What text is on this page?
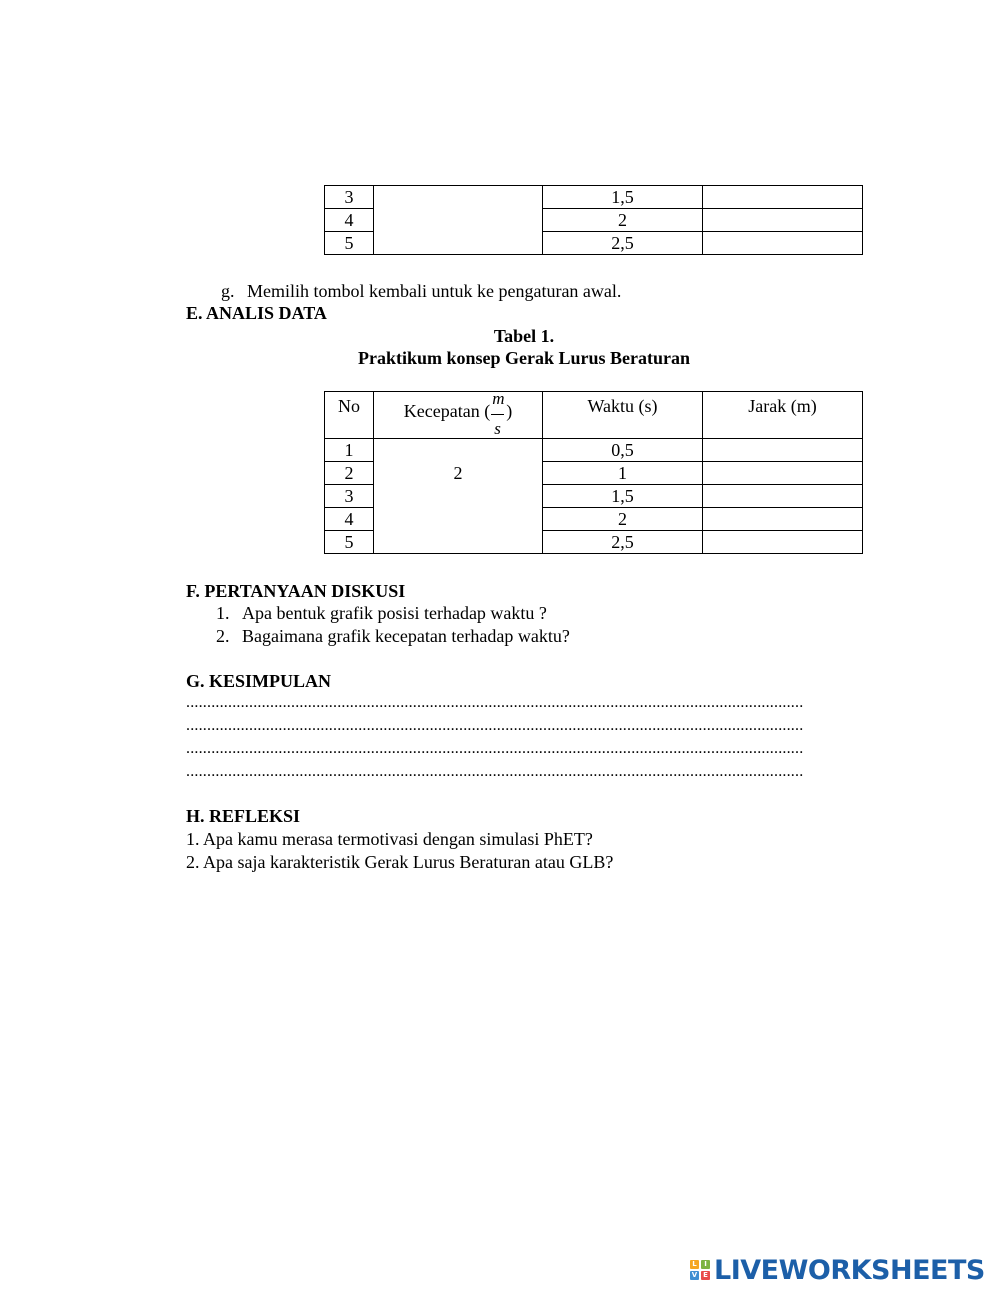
3		1,5	
4		2	
5		2,5	
g. Memilih tombol kembali untuk ke pengaturan awal.
E. ANALIS DATA
Tabel 1.
Praktikum konsep Gerak Lurus Beraturan
No	Kecepatan ( $\frac{m}{s}$ )	Waktu (s)	Jarak (m)
1	2	0,5	
2		1	
3		1,5	
4		2	
5		2,5	
F. PERTANYAAN DISKUSI
1. Apa bentuk grafik posisi terhadap waktu ?
2. Bagaimana grafik kecepatan terhadap waktu?
G. KESIMPULAN
...................................................................................................................................................
...................................................................................................................................................
...................................................................................................................................................
...................................................................................................................................................
H. REFLEKSI
1. Apa kamu merasa termotivasi dengan simulasi PhET?
2. Apa saja karakteristik Gerak Lurus Beraturan atau GLB?
L	I
V E LIVEWORKSHEETS
